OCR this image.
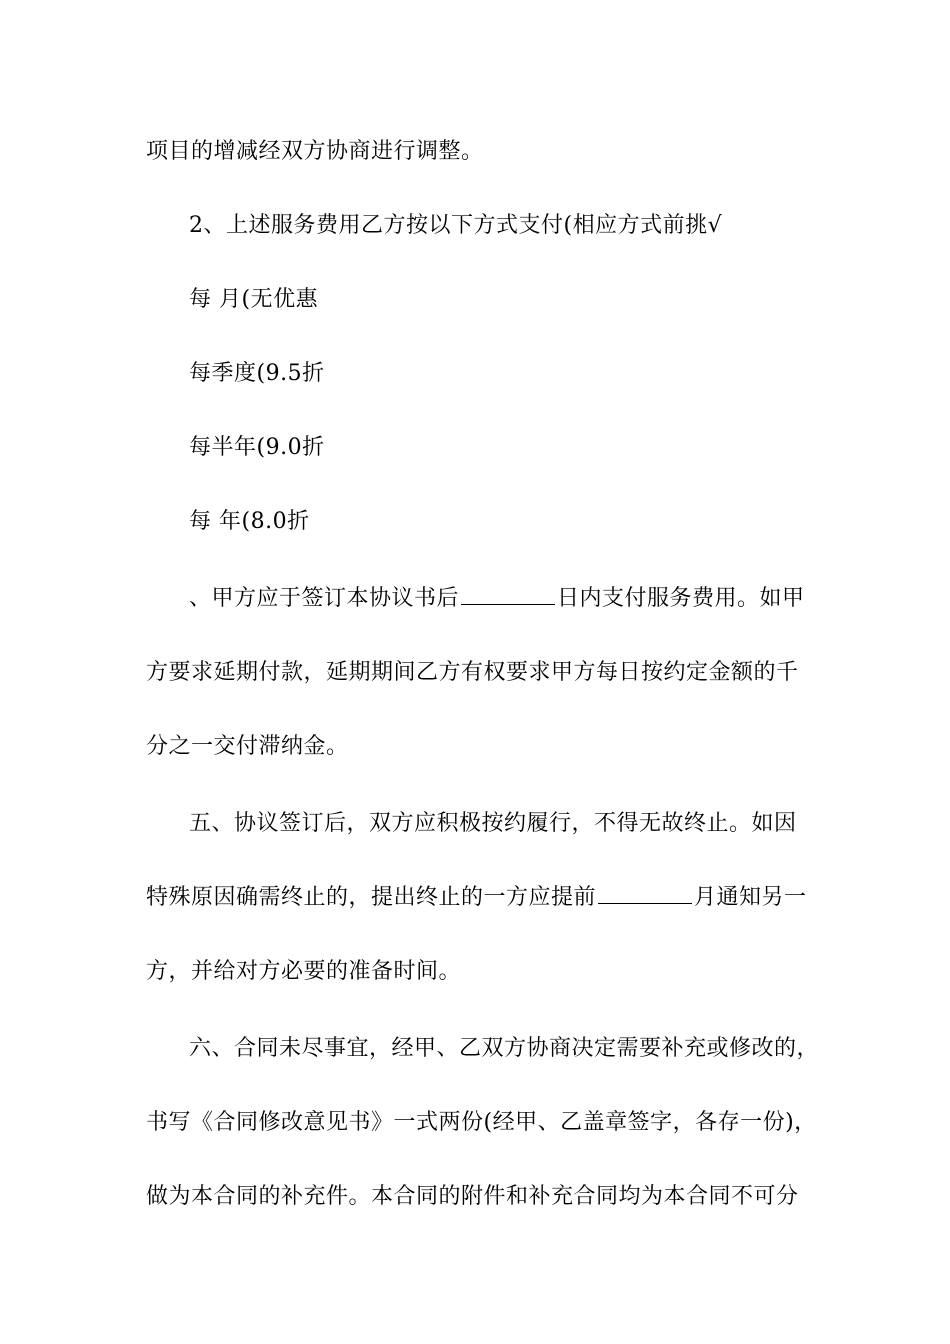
项目的增减经双方协商进行调整。
2、上述服务费用乙方按以下方式支付(相应方式前挑√
每 月(无优惠
每季度(9.5折
每半年(9.0折
每 年(8.0折
、甲方应于签订本协议书后	日内支付服务费用。如甲
方要求延期付款，延期期间乙方有权要求甲方每日按约定金额的千
分之一交付滞纳金。
五、协议签订后，双方应积极按约履行，不得无故终止。如因
特殊原因确需终止的，提出终止的一方应提前	月通知另一
方，并给对方必要的准备时间。
六、合同未尽事宜，经甲、乙双方协商决定需要补充或修改的，
书写《合同修改意见书》一式两份(经甲、乙盖章签字，各存一份)，
做为本合同的补充件。本合同的附件和补充合同均为本合同不可分
